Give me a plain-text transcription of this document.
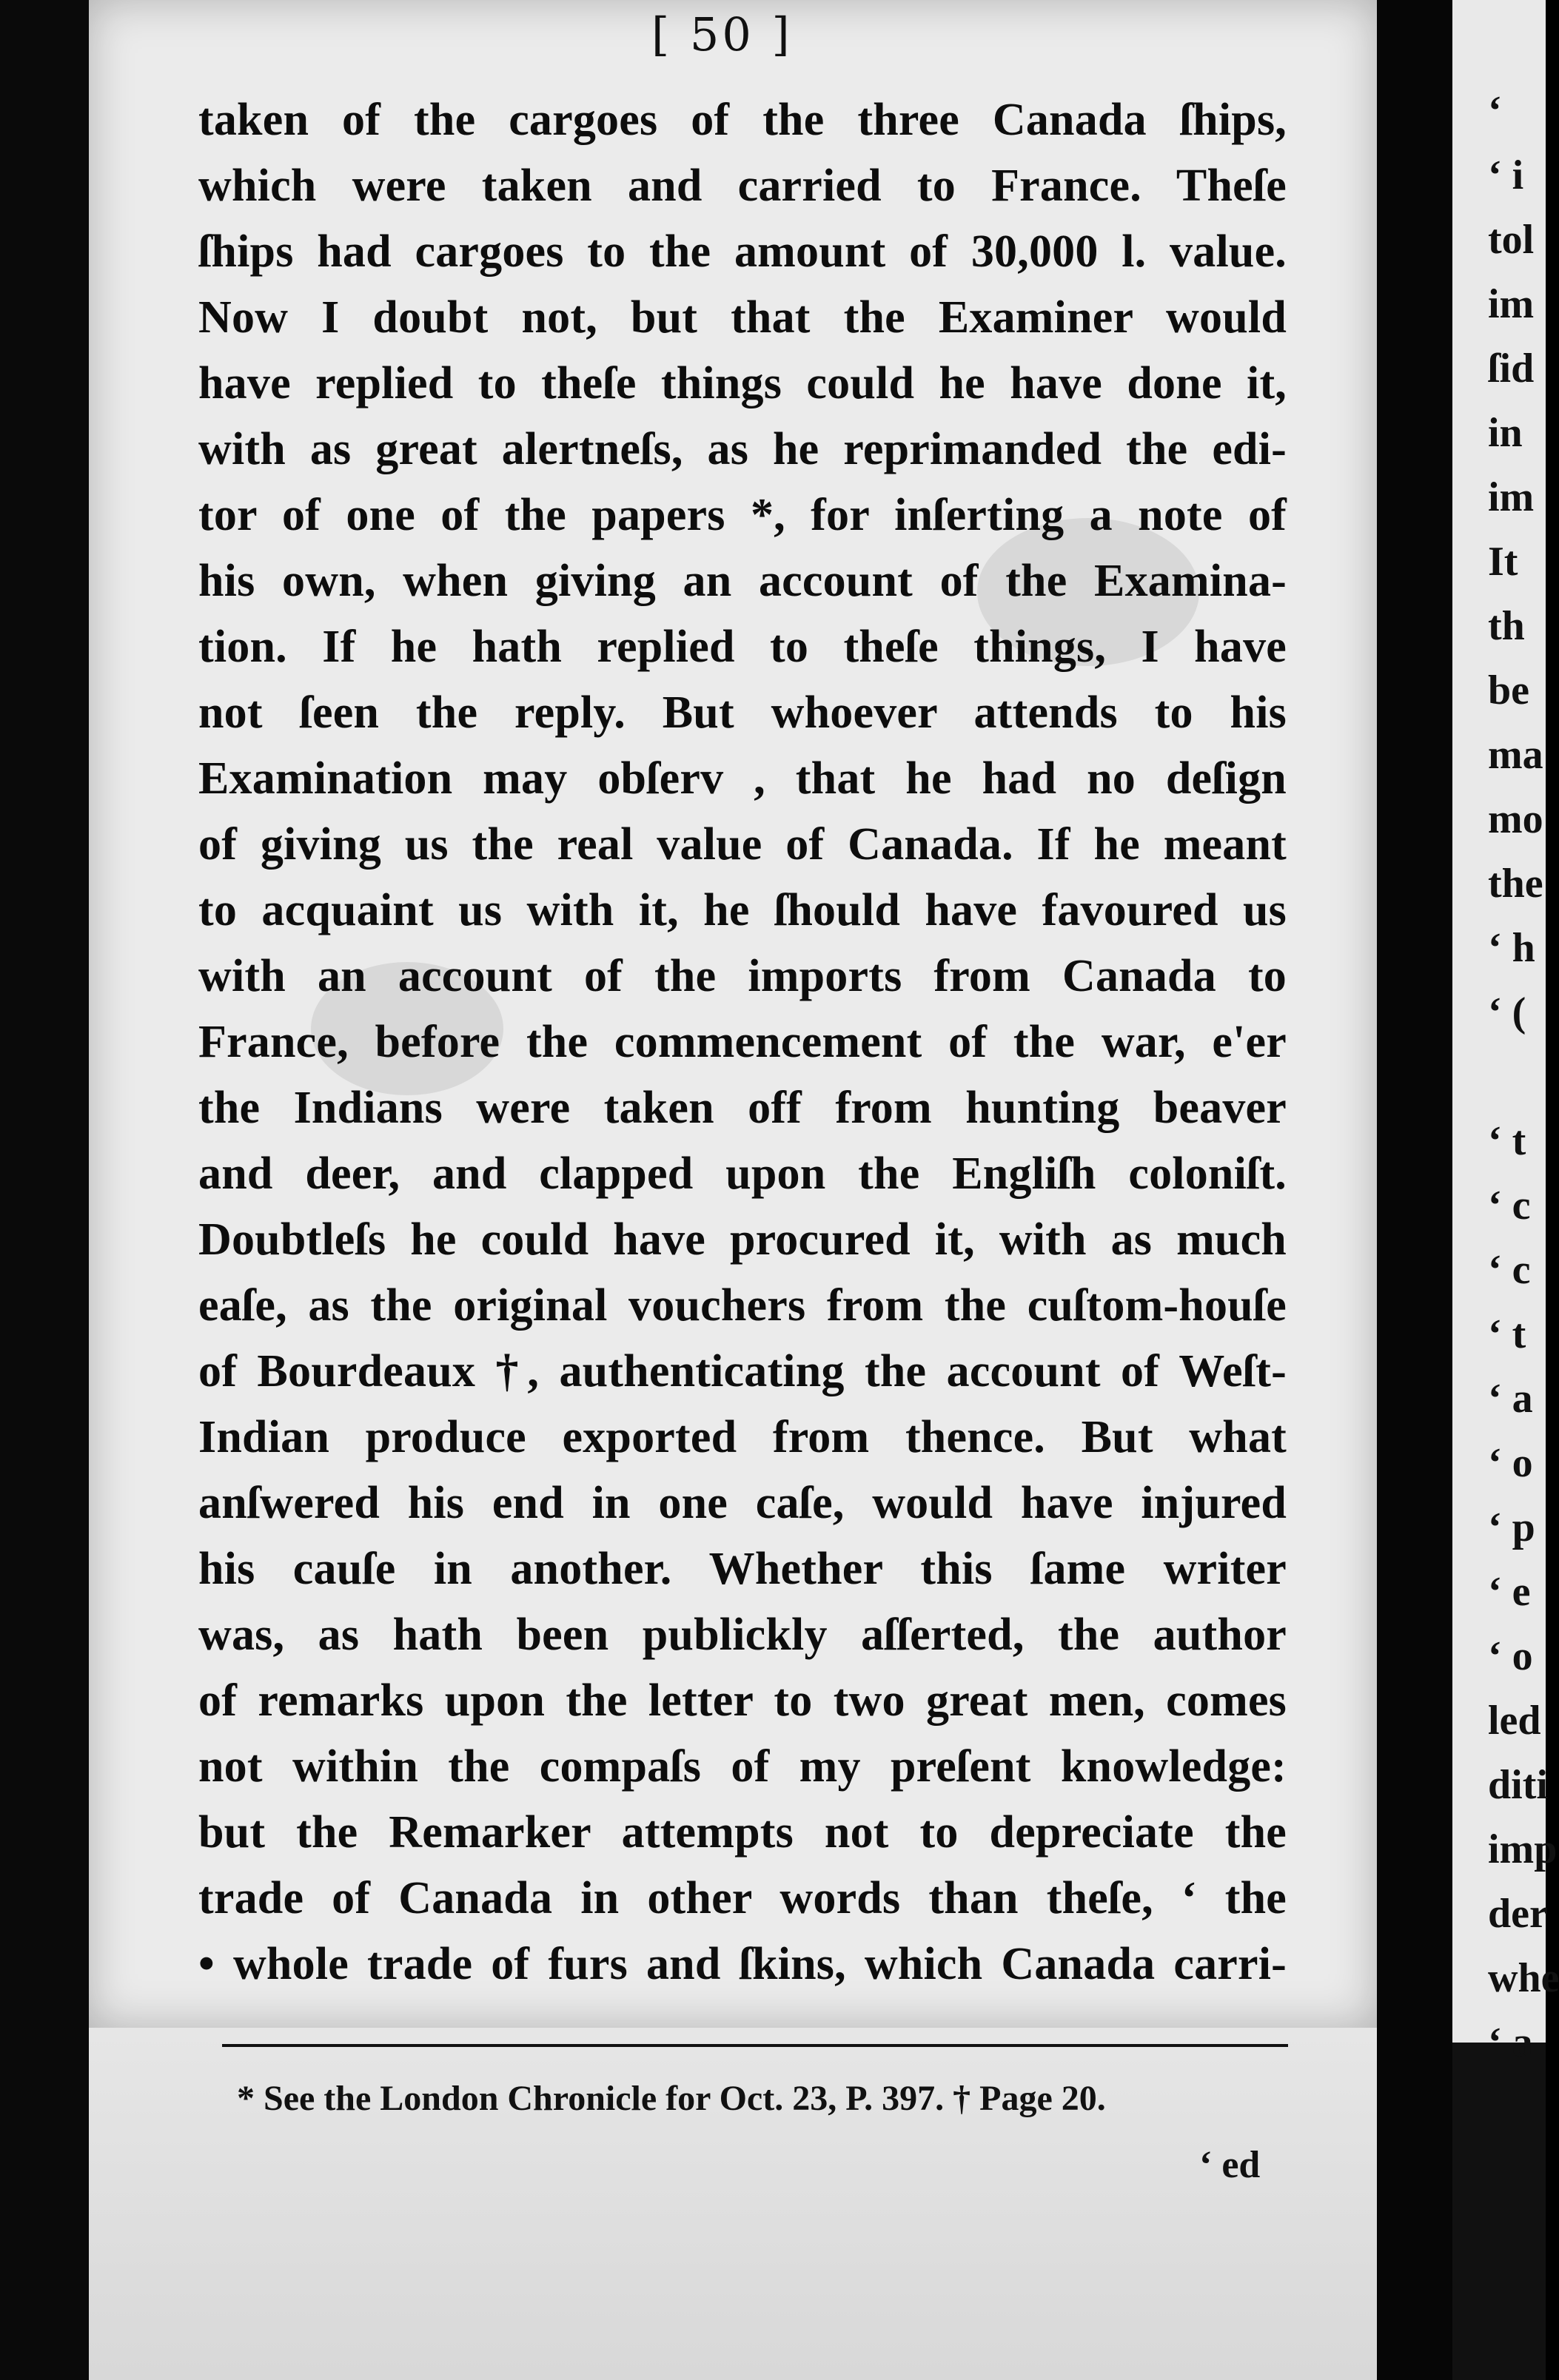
[ 50 ]
taken of the cargoes of the three Canada ſhips,
which were taken and carried to France. Theſe
ſhips had cargoes to the amount of 30,000 l. value.
Now I doubt not, but that the Examiner would
have replied to theſe things could he have done it,
with as great alertneſs, as he reprimanded the edi-
tor of one of the papers *, for inſerting a note of
his own, when giving an account of the Examina-
tion. If he hath replied to theſe things, I have
not ſeen the reply. But whoever attends to his
Examination may obſerv , that he had no deſign
of giving us the real value of Canada. If he meant
to acquaint us with it, he ſhould have favoured us
with an account of the imports from Canada to
France, before the commencement of the war, e'er
the Indians were taken off from hunting beaver
and deer, and clapped upon the Engliſh coloniſt.
Doubtleſs he could have procured it, with as much
eaſe, as the original vouchers from the cuſtom-houſe
of Bourdeaux †, authenticating the account of Weſt-
Indian produce exported from thence. But what
anſwered his end in one caſe, would have injured
his cauſe in another. Whether this ſame writer
was, as hath been publickly aſſerted, the author
of remarks upon the letter to two great men, comes
not within the compaſs of my preſent knowledge:
but the Remarker attempts not to depreciate the
trade of Canada in other words than theſe, ‘ the
• whole trade of furs and ſkins, which Canada carri-
* See the London Chronicle for Oct. 23, P. 397. † Page 20.
‘ ed
‘
‘ i
tol
im
ſid
in
im
It
th
be
ma
mo
the
‘ h
‘ (
‘ t
‘ c
‘ c
‘ t
‘ a
‘ o
‘ p
‘ e
‘ o
led
diti
imp
der
whe
‘ a
